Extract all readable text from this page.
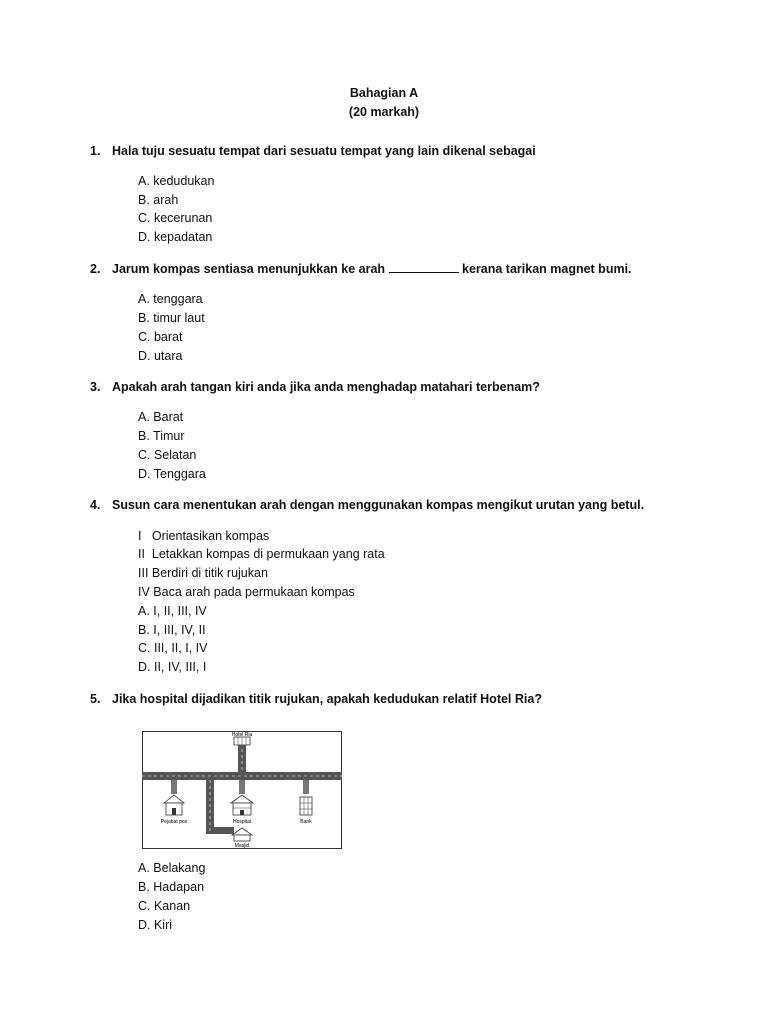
Bahagian A
(20 markah)
1. Hala tuju sesuatu tempat dari sesuatu tempat yang lain dikenal sebagai
A. kedudukan
B. arah
C. kecerunan
D. kepadatan
2. Jarum kompas sentiasa menunjukkan ke arah	kerana tarikan magnet bumi.
A. tenggara
B. timur laut
C. barat
D. utara
3. Apakah arah tangan kiri anda jika anda menghadap matahari terbenam?
A. Barat
B. Timur
C. Selatan
D. Tenggara
4. Susun cara menentukan arah dengan menggunakan kompas mengikut urutan yang betul.
I   Orientasikan kompas
II  Letakkan kompas di permukaan yang rata
III Berdiri di titik rujukan
IV Baca arah pada permukaan kompas
A. I, II, III, IV
B. I, III, IV, II
C. III, II, I, IV
D. II, IV, III, I
5. Jika hospital dijadikan titik rujukan, apakah kedudukan relatif Hotel Ria?
Hotel Ria
Pejabat pos	Hospital	Bank
Masjid
A. Belakang
B. Hadapan
C. Kanan
D. Kiri
